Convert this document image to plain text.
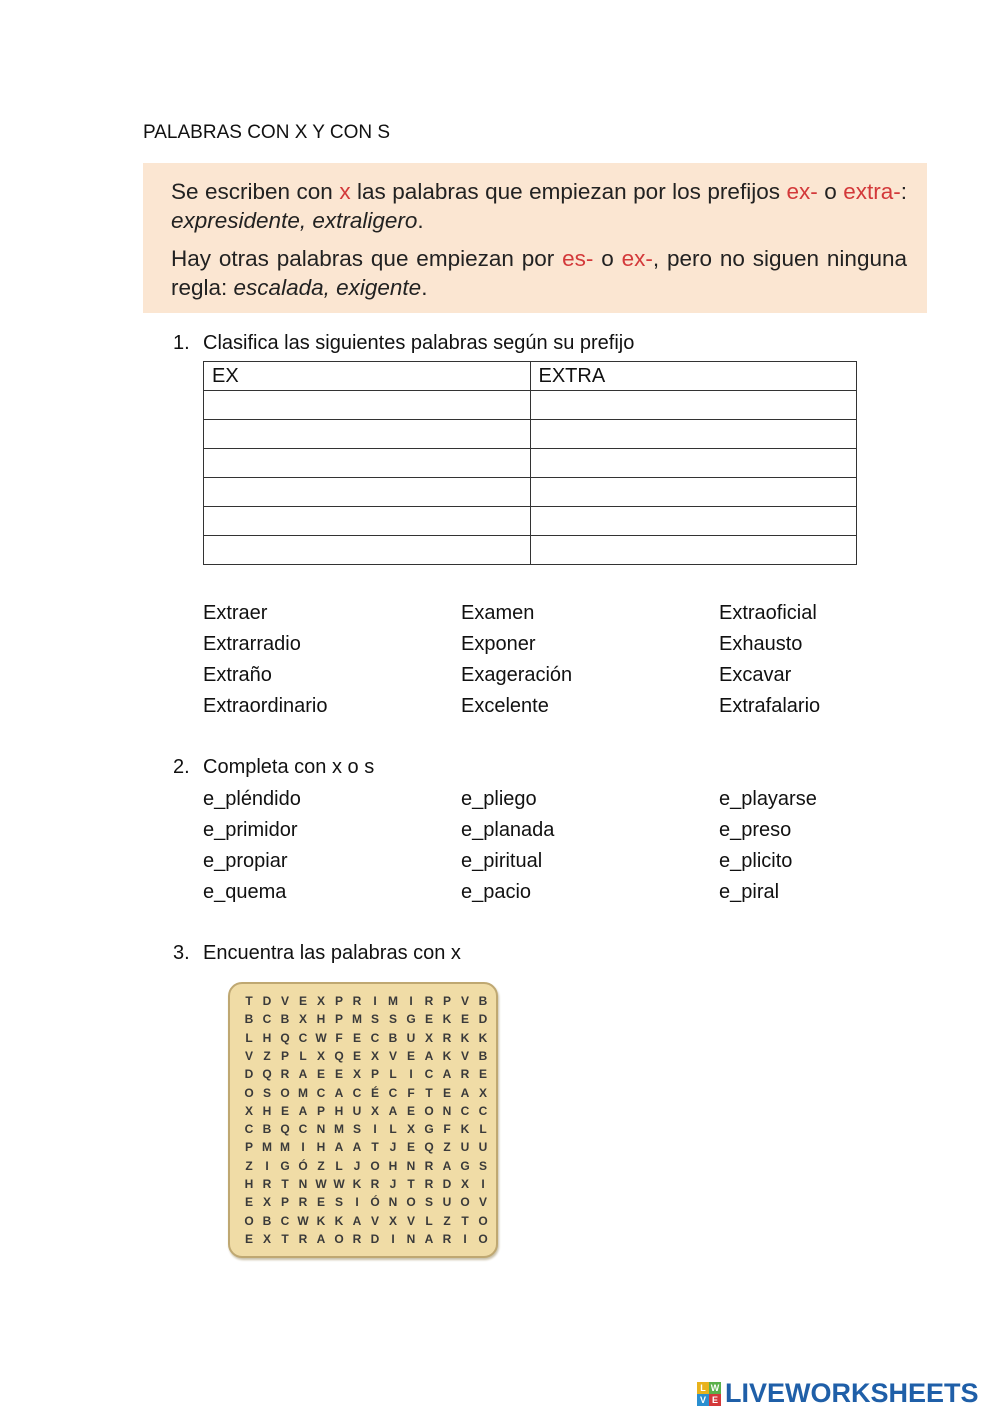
PALABRAS CON X Y CON S

Se escriben con x las palabras que empiezan por los prefijos ex- o extra-: expresidente, extraligero.

Hay otras palabras que empiezan por es- o ex-, pero no siguen ninguna regla: escalada, exigente.

1. Clasifica las siguientes palabras según su prefijo
EX	EXTRA

Extraer	Examen	Extraoficial
Extrarradio	Exponer	Exhausto
Extraño	Exageración	Excavar
Extraordinario	Excelente	Extrafalario
2. Completa con x o s
e_pléndido	e_pliego	e_playarse
e_primidor	e_planada	e_preso
e_propiar	e_piritual	e_plicito
e_quema	e_pacio	e_piral
3. Encuentra las palabras con x
T D V E X P R	I M I R P V B
B C B X H P M S S G E K E D
L H Q C W F E C B U X R K K
V Z P L X Q E X V E A K V B
D Q R A E E X P L	I C A R E
O S O M C A C É C F T E A X
X H E A P H U X A E O N C C
C B Q C N M S	I	L X G F K L
P M M I H A A T J E Q Z U U
Z	I G Ó Z L J O H N R A G S
H R T N W W K R J T R D X	I
E X P R E S	I Ó N O S U O V
O B C W K K A V X V L Z T O
E X T R A O R D	I N A R	I O
L W
V E LIVEWORKSHEETS
